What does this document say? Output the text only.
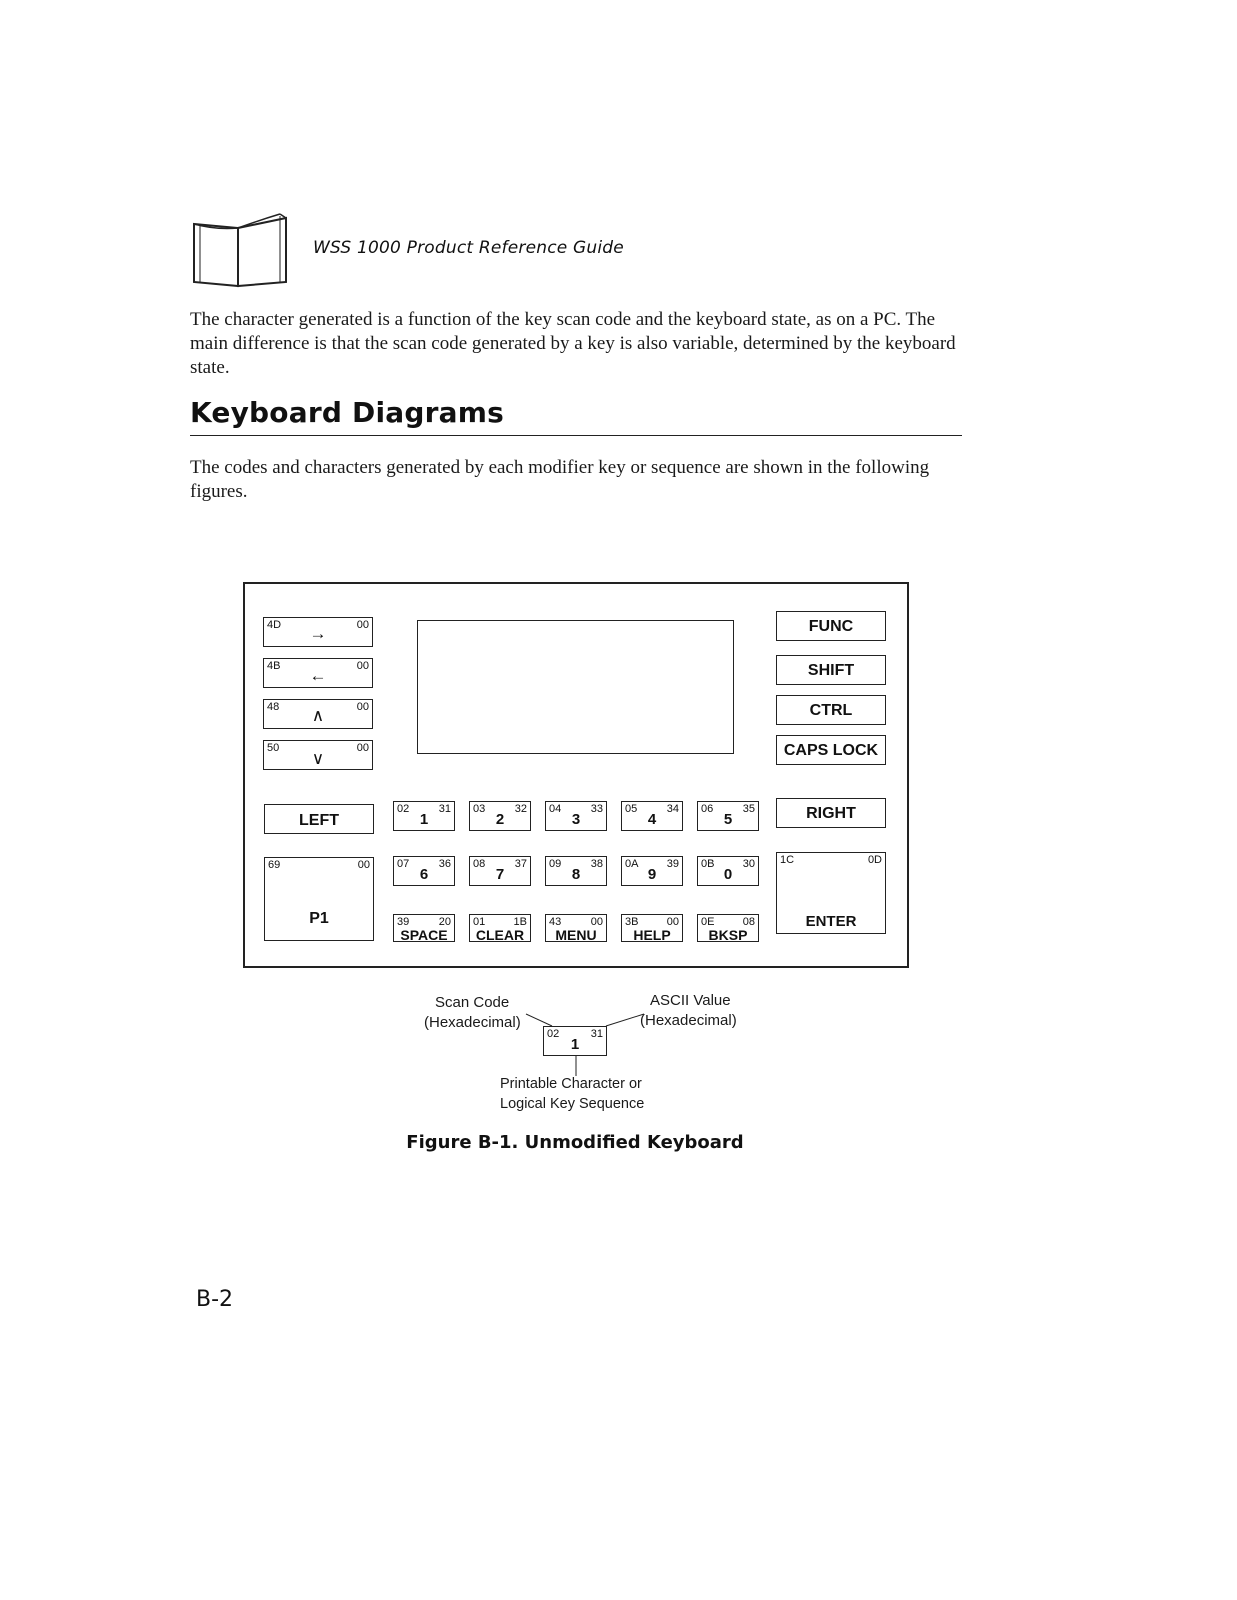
WSS 1000 Product Reference Guide
The character generated is a function of the key scan code and the keyboard state, as on a PC. The main difference is that the scan code generated by a key is also variable, determined by the keyboard state.
Keyboard Diagrams
The codes and characters generated by each modifier key or sequence are shown in the following figures.
4D	00
→
4B	00
←
48	00
∧
50	00
∨
LEFT
69	00
P1
02	31
1
03	32
2
04	33
3
05	34
4
06	35
5
07	36
6
08	37
7
09	38
8
0A	39
9
0B	30
0
39	20
SPACE
01	1B
CLEAR
43	00
MENU
3B	00
HELP
0E	08
BKSP
FUNC
SHIFT
CTRL
CAPS LOCK
RIGHT
1C	0D
ENTER
Scan Code
(Hexadecimal)
ASCII Value
(Hexadecimal)
02	31
1
Printable Character or
Logical Key Sequence
Figure B-1. Unmodified Keyboard
B-2
